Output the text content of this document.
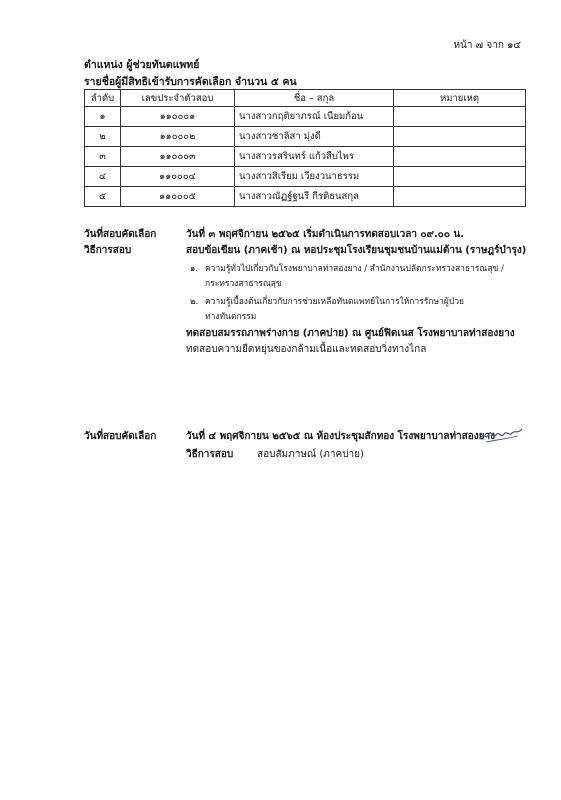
หน้า ๗ จาก ๑๔
ตำแหน่ง ผู้ช่วยทันตแพทย์
รายชื่อผู้มีสิทธิเข้ารับการคัดเลือก จำนวน ๕ คน
ลำดับ	เลขประจำตัวสอบ	ชื่อ – สกุล	หมายเหตุ
๑	๑๑๐๐๐๑	นางสาวกฤติยาภรณ์ เนียมก้อน	
๒	๑๑๐๐๐๒	นางสาวชาลิสา มุ่งดี	
๓	๑๑๐๐๐๓	นางสาวรสรินทร์ แก้วสืบไพร	
๔	๑๑๐๐๐๔	นางสาวสิเรียม เวียงวนาธรรม	
๕	๑๑๐๐๐๕	นางสาวณัฏฐ์ฐนรี กีรติธนสกุล	
วันที่สอบคัดเลือก
วิธีการสอบ
วันที่ ๓ พฤศจิกายน ๒๕๖๕ เริ่มดำเนินการทดสอบเวลา ๐๙.๐๐ น.
สอบข้อเขียน (ภาคเช้า) ณ หอประชุมโรงเรียนชุมชนบ้านแม่ต้าน (ราษฎร์บำรุง)
๑. ความรู้ทั่วไปเกี่ยวกับโรงพยาบาลท่าสองยาง / สำนักงานปลัดกระทรวงสาธารณสุข /
กระทรวงสาธารณสุข
๒. ความรู้เบื้องต้นเกี่ยวกับการช่วยเหลือทันตแพทย์ในการให้การรักษาผู้ป่วย
ทางทันตกรรม
ทดสอบสมรรถภาพร่างกาย (ภาคบ่าย) ณ ศูนย์ฟิตเนส โรงพยาบาลท่าสองยาง
ทดสอบความยืดหยุ่นของกล้ามเนื้อและทดสอบวิ่งทางไกล
วันที่สอบคัดเลือก	วันที่ ๔ พฤศจิกายน ๒๕๖๕ ณ ห้องประชุมสักทอง โรงพยาบาลท่าสองยาง
วิธีการสอบ สอบสัมภาษณ์ (ภาคบ่าย)
